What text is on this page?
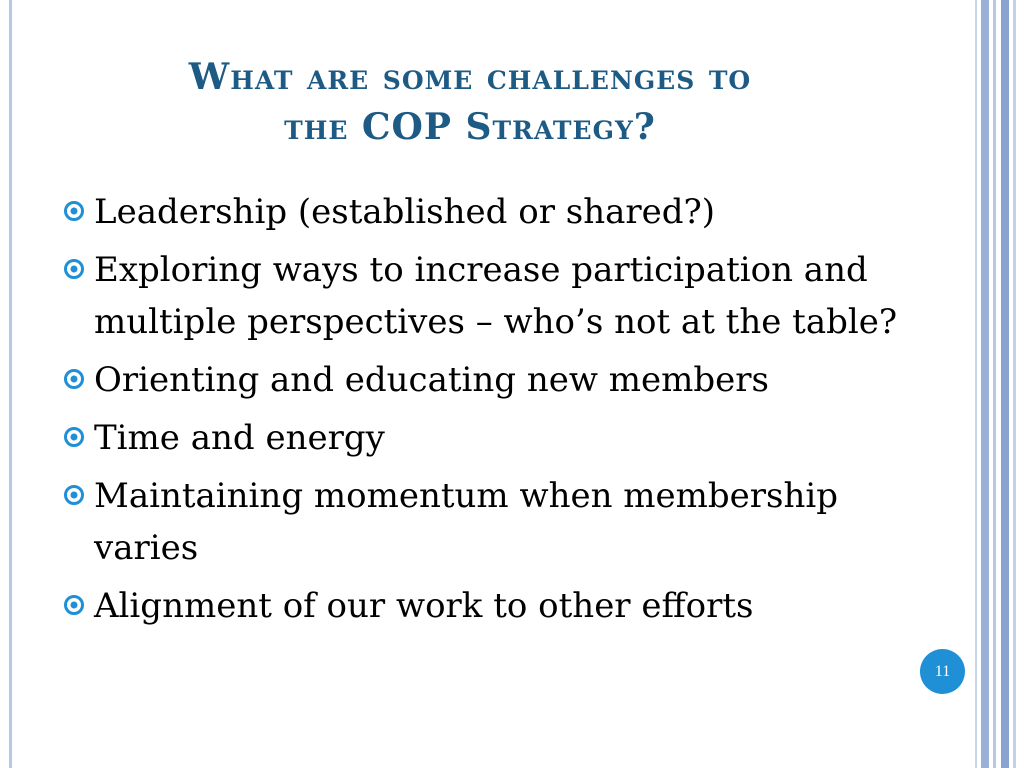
What are some challenges to
the COP Strategy?
Leadership (established or shared?)
Exploring ways to increase participation and multiple perspectives – who’s not at the table?
Orienting and educating new members
Time and energy
Maintaining momentum when membership varies
Alignment of our work to other efforts
11
